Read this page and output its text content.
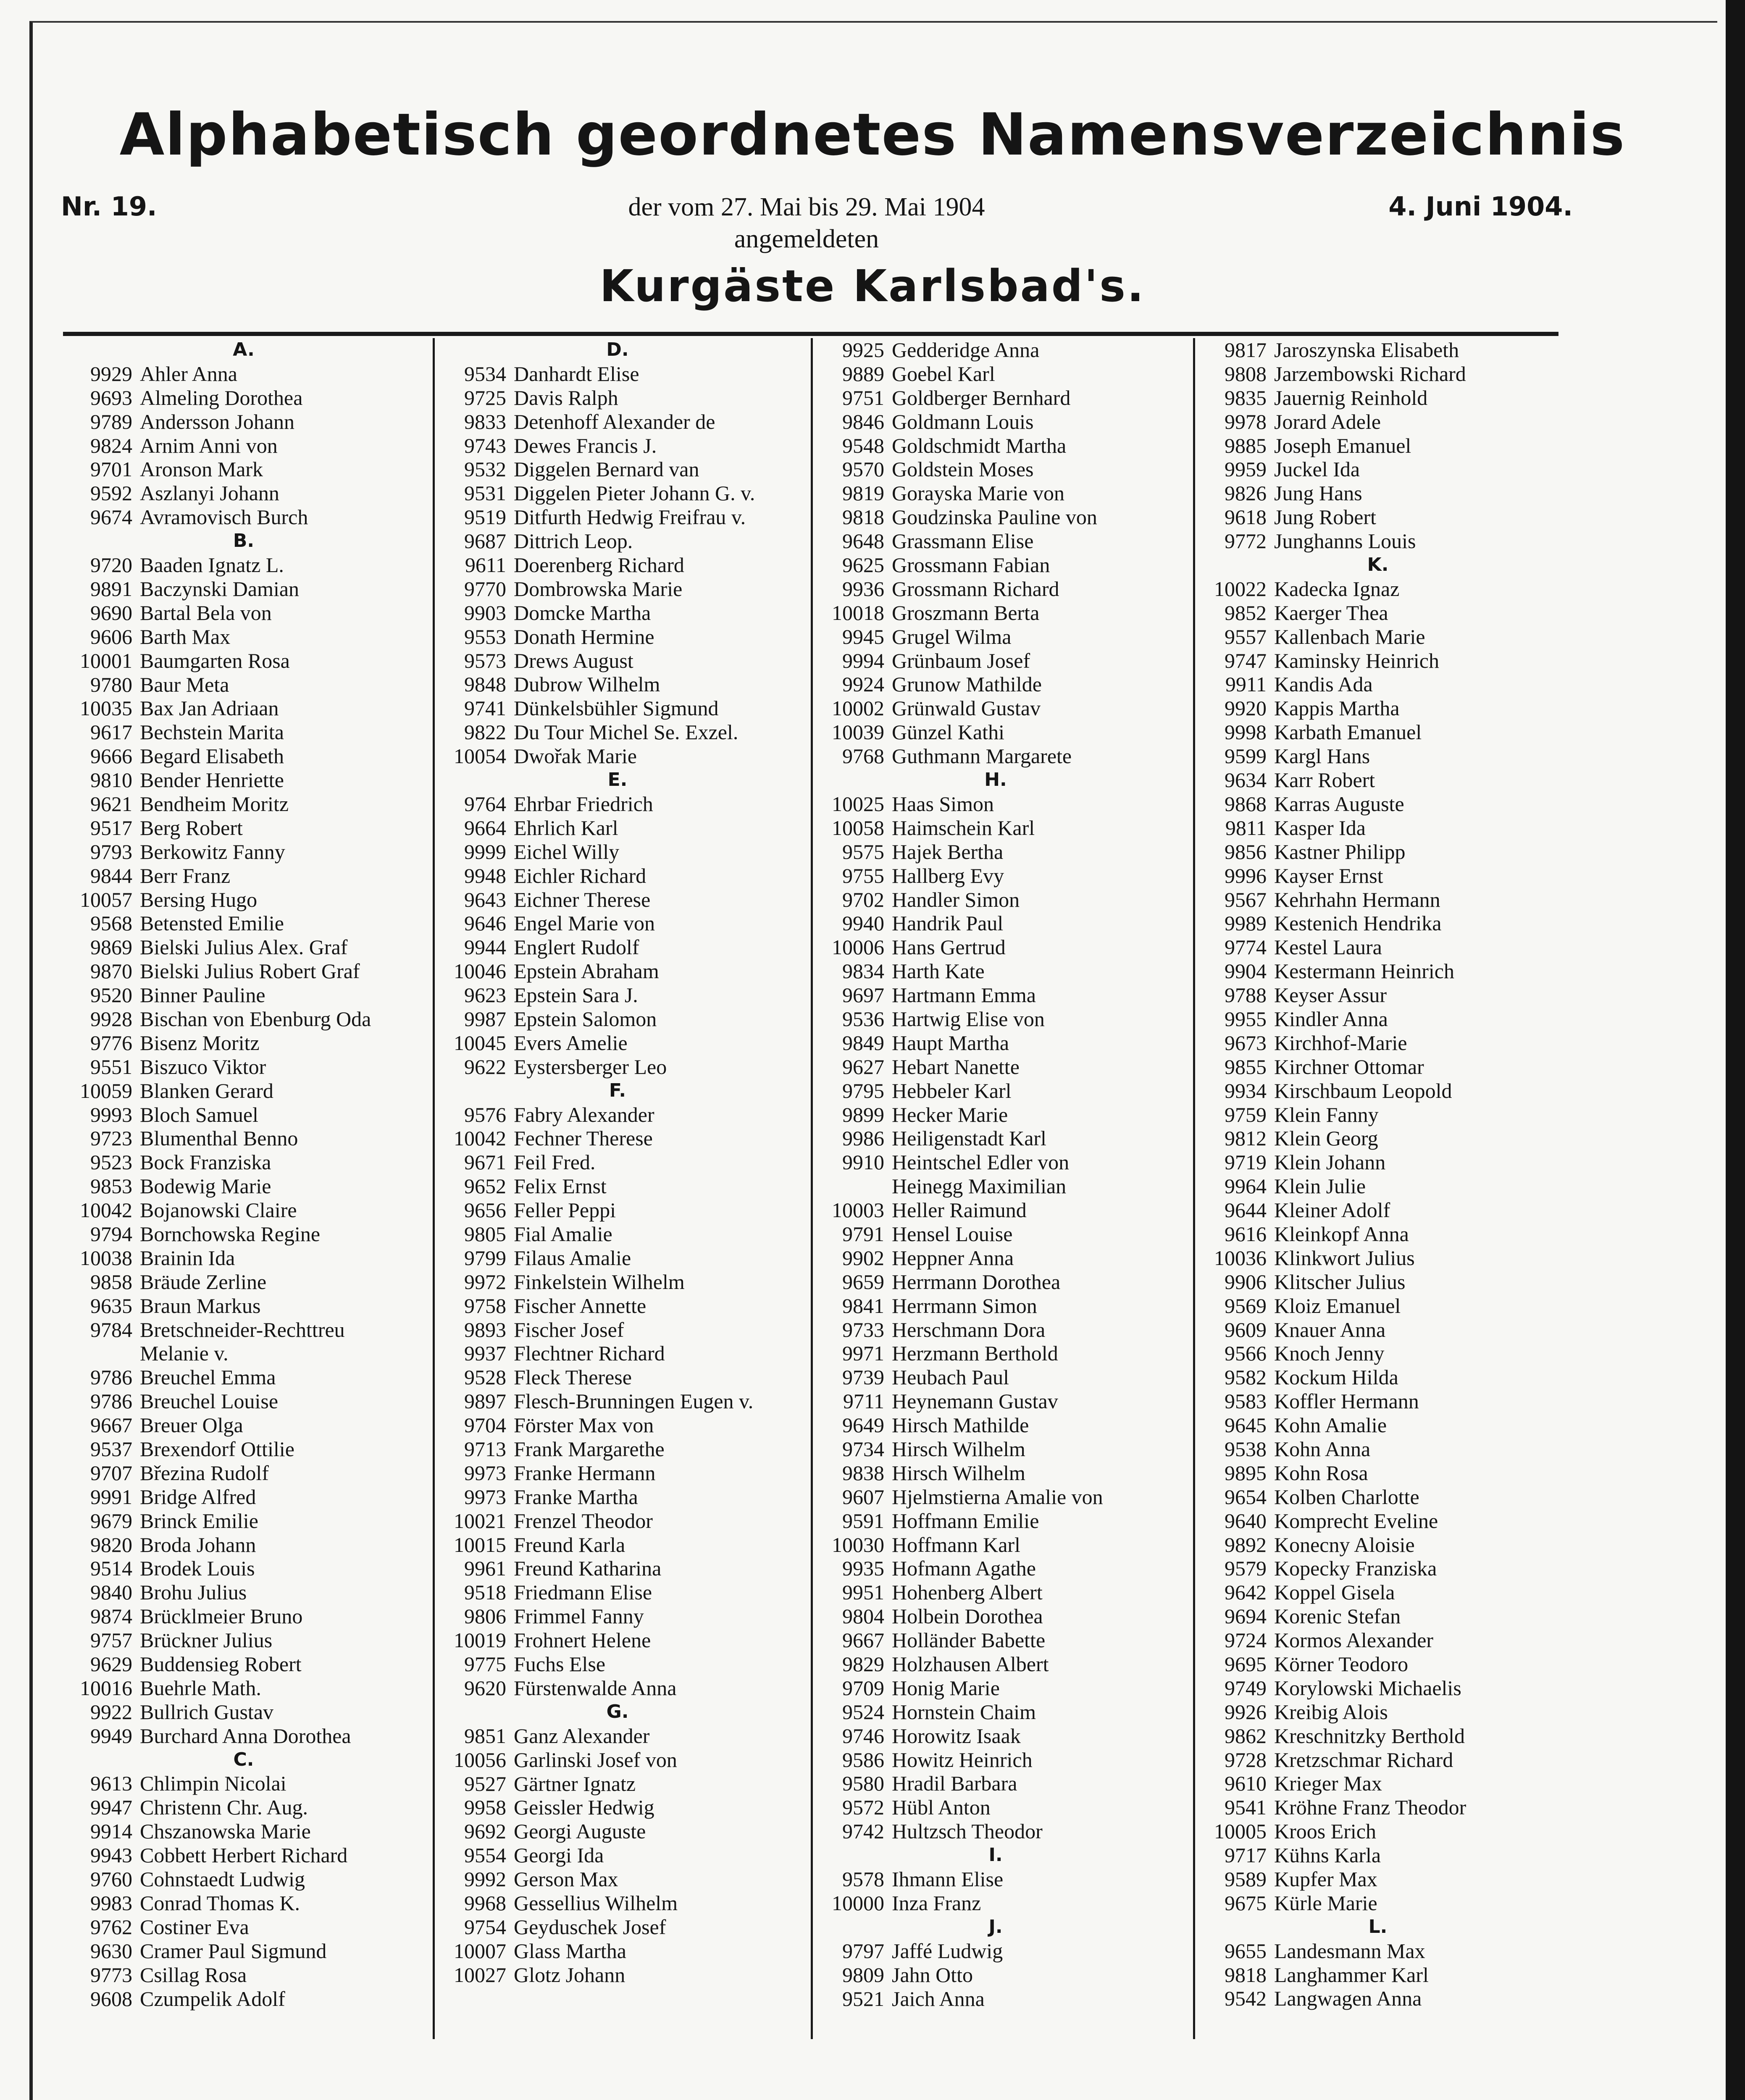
Alphabetisch geordnetes Namensverzeichnis
Nr. 19.	der vom 27. Mai bis 29. Mai 1904
angemeldeten
4. Juni 1904.
Kurgäste Karlsbad's.
A.
9929 Ahler Anna
9693 Almeling Dorothea
9789 Andersson Johann
9824 Arnim Anni von
9701 Aronson Mark
9592 Aszlanyi Johann
9674 Avramovisch Burch
B.
9720 Baaden Ignatz L.
9891 Baczynski Damian
9690 Bartal Bela von
9606 Barth Max
10001 Baumgarten Rosa
9780 Baur Meta
10035 Bax Jan Adriaan
9617 Bechstein Marita
9666 Begard Elisabeth
9810 Bender Henriette
9621 Bendheim Moritz
9517 Berg Robert
9793 Berkowitz Fanny
9844 Berr Franz
10057 Bersing Hugo
9568 Betensted Emilie
9869 Bielski Julius Alex. Graf
9870 Bielski Julius Robert Graf
9520 Binner Pauline
9928 Bischan von Ebenburg Oda
9776 Bisenz Moritz
9551 Biszuco Viktor
10059 Blanken Gerard
9993 Bloch Samuel
9723 Blumenthal Benno
9523 Bock Franziska
9853 Bodewig Marie
10042 Bojanowski Claire
9794 Bornchowska Regine
10038 Brainin Ida
9858 Bräude Zerline
9635 Braun Markus
9784 Bretschneider-Rechttreu
Melanie v.
9786 Breuchel Emma
9786 Breuchel Louise
9667 Breuer Olga
9537 Brexendorf Ottilie
9707 Březina Rudolf
9991 Bridge Alfred
9679 Brinck Emilie
9820 Broda Johann
9514 Brodek Louis
9840 Brohu Julius
9874 Brücklmeier Bruno
9757 Brückner Julius
9629 Buddensieg Robert
10016 Buehrle Math.
9922 Bullrich Gustav
9949 Burchard Anna Dorothea
C.
9613 Chlimpin Nicolai
9947 Christenn Chr. Aug.
9914 Chszanowska Marie
9943 Cobbett Herbert Richard
9760 Cohnstaedt Ludwig
9983 Conrad Thomas K.
9762 Costiner Eva
9630 Cramer Paul Sigmund
9773 Csillag Rosa
9608 Czumpelik Adolf
D.
9534 Danhardt Elise
9725 Davis Ralph
9833 Detenhoff Alexander de
9743 Dewes Francis J.
9532 Diggelen Bernard van
9531 Diggelen Pieter Johann G. v.
9519 Ditfurth Hedwig Freifrau v.
9687 Dittrich Leop.
9611 Doerenberg Richard
9770 Dombrowska Marie
9903 Domcke Martha
9553 Donath Hermine
9573 Drews August
9848 Dubrow Wilhelm
9741 Dünkelsbühler Sigmund
9822 Du Tour Michel Se. Exzel.
10054 Dwořak Marie
E.
9764 Ehrbar Friedrich
9664 Ehrlich Karl
9999 Eichel Willy
9948 Eichler Richard
9643 Eichner Therese
9646 Engel Marie von
9944 Englert Rudolf
10046 Epstein Abraham
9623 Epstein Sara J.
9987 Epstein Salomon
10045 Evers Amelie
9622 Eystersberger Leo
F.
9576 Fabry Alexander
10042 Fechner Therese
9671 Feil Fred.
9652 Felix Ernst
9656 Feller Peppi
9805 Fial Amalie
9799 Filaus Amalie
9972 Finkelstein Wilhelm
9758 Fischer Annette
9893 Fischer Josef
9937 Flechtner Richard
9528 Fleck Therese
9897 Flesch-Brunningen Eugen v.
9704 Förster Max von
9713 Frank Margarethe
9973 Franke Hermann
9973 Franke Martha
10021 Frenzel Theodor
10015 Freund Karla
9961 Freund Katharina
9518 Friedmann Elise
9806 Frimmel Fanny
10019 Frohnert Helene
9775 Fuchs Else
9620 Fürstenwalde Anna
G.
9851 Ganz Alexander
10056 Garlinski Josef von
9527 Gärtner Ignatz
9958 Geissler Hedwig
9692 Georgi Auguste
9554 Georgi Ida
9992 Gerson Max
9968 Gessellius Wilhelm
9754 Geyduschek Josef
10007 Glass Martha
10027 Glotz Johann
9925 Gedderidge Anna
9889 Goebel Karl
9751 Goldberger Bernhard
9846 Goldmann Louis
9548 Goldschmidt Martha
9570 Goldstein Moses
9819 Gorayska Marie von
9818 Goudzinska Pauline von
9648 Grassmann Elise
9625 Grossmann Fabian
9936 Grossmann Richard
10018 Groszmann Berta
9945 Grugel Wilma
9994 Grünbaum Josef
9924 Grunow Mathilde
10002 Grünwald Gustav
10039 Günzel Kathi
9768 Guthmann Margarete
H.
10025 Haas Simon
10058 Haimschein Karl
9575 Hajek Bertha
9755 Hallberg Evy
9702 Handler Simon
9940 Handrik Paul
10006 Hans Gertrud
9834 Harth Kate
9697 Hartmann Emma
9536 Hartwig Elise von
9849 Haupt Martha
9627 Hebart Nanette
9795 Hebbeler Karl
9899 Hecker Marie
9986 Heiligenstadt Karl
9910 Heintschel Edler von
Heinegg Maximilian
10003 Heller Raimund
9791 Hensel Louise
9902 Heppner Anna
9659 Herrmann Dorothea
9841 Herrmann Simon
9733 Herschmann Dora
9971 Herzmann Berthold
9739 Heubach Paul
9711 Heynemann Gustav
9649 Hirsch Mathilde
9734 Hirsch Wilhelm
9838 Hirsch Wilhelm
9607 Hjelmstierna Amalie von
9591 Hoffmann Emilie
10030 Hoffmann Karl
9935 Hofmann Agathe
9951 Hohenberg Albert
9804 Holbein Dorothea
9667 Holländer Babette
9829 Holzhausen Albert
9709 Honig Marie
9524 Hornstein Chaim
9746 Horowitz Isaak
9586 Howitz Heinrich
9580 Hradil Barbara
9572 Hübl Anton
9742 Hultzsch Theodor
I.
9578 Ihmann Elise
10000 Inza Franz
J.
9797 Jaffé Ludwig
9809 Jahn Otto
9521 Jaich Anna
9817 Jaroszynska Elisabeth
9808 Jarzembowski Richard
9835 Jauernig Reinhold
9978 Jorard Adele
9885 Joseph Emanuel
9959 Juckel Ida
9826 Jung Hans
9618 Jung Robert
9772 Junghanns Louis
K.
10022 Kadecka Ignaz
9852 Kaerger Thea
9557 Kallenbach Marie
9747 Kaminsky Heinrich
9911 Kandis Ada
9920 Kappis Martha
9998 Karbath Emanuel
9599 Kargl Hans
9634 Karr Robert
9868 Karras Auguste
9811 Kasper Ida
9856 Kastner Philipp
9996 Kayser Ernst
9567 Kehrhahn Hermann
9989 Kestenich Hendrika
9774 Kestel Laura
9904 Kestermann Heinrich
9788 Keyser Assur
9955 Kindler Anna
9673 Kirchhof-Marie
9855 Kirchner Ottomar
9934 Kirschbaum Leopold
9759 Klein Fanny
9812 Klein Georg
9719 Klein Johann
9964 Klein Julie
9644 Kleiner Adolf
9616 Kleinkopf Anna
10036 Klinkwort Julius
9906 Klitscher Julius
9569 Kloiz Emanuel
9609 Knauer Anna
9566 Knoch Jenny
9582 Kockum Hilda
9583 Koffler Hermann
9645 Kohn Amalie
9538 Kohn Anna
9895 Kohn Rosa
9654 Kolben Charlotte
9640 Komprecht Eveline
9892 Konecny Aloisie
9579 Kopecky Franziska
9642 Koppel Gisela
9694 Korenic Stefan
9724 Kormos Alexander
9695 Körner Teodoro
9749 Korylowski Michaelis
9926 Kreibig Alois
9862 Kreschnitzky Berthold
9728 Kretzschmar Richard
9610 Krieger Max
9541 Kröhne Franz Theodor
10005 Kroos Erich
9717 Kühns Karla
9589 Kupfer Max
9675 Kürle Marie
L.
9655 Landesmann Max
9818 Langhammer Karl
9542 Langwagen Anna
